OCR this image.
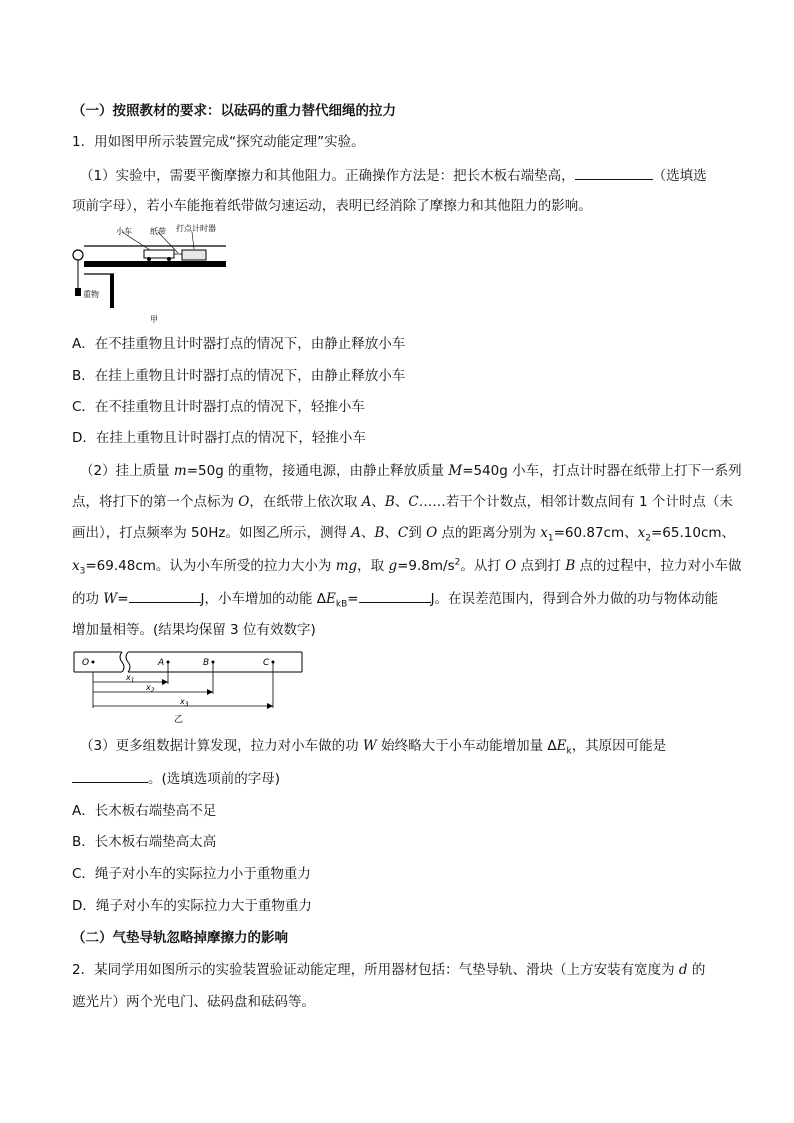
（一）按照教材的要求：以砝码的重力替代细绳的拉力
1．用如图甲所示装置完成“探究动能定理”实验。
（1）实验中，需要平衡摩擦力和其他阻力。正确操作方法是：把长木板右端垫高，	（选填选
项前字母），若小车能拖着纸带做匀速运动，表明已经消除了摩擦力和其他阻力的影响。
小车 纸带 打点计时器
重物
甲
A．在不挂重物且计时器打点的情况下，由静止释放小车
B．在挂上重物且计时器打点的情况下，由静止释放小车
C．在不挂重物且计时器打点的情况下，轻推小车
D．在挂上重物且计时器打点的情况下，轻推小车
（2）挂上质量 m=50g 的重物，接通电源，由静止释放质量 M=540g 小车，打点计时器在纸带上打下一系列
点，将打下的第一个点标为 O，在纸带上依次取 A、B、C……若干个计数点，相邻计数点间有 1 个计时点（未
画出），打点频率为 50Hz。如图乙所示，测得 A、B、C到 O 点的距离分别为 $x_1=60.87cm$、$x_2=65.10cm$、
$x_3=69.48cm$。认为小车所受的拉力大小为 mg，取 $g=9.8m/s^2$。从打 O 点到打 B 点的过程中，拉力对小车做
的功 W=	J，小车增加的动能 $\Delta E_{kB}=$	J。在误差范围内，得到合外力做的功与物体动能
增加量相等。(结果均保留 3 位有效数字)
O	A	B	C
$x_1$
$x_2$
$x_3$
乙
（3）更多组数据计算发现，拉力对小车做的功 W 始终略大于小车动能增加量 $\Delta E_k$，其原因可能是
。(选填选项前的字母)
A．长木板右端垫高不足
B．长木板右端垫高太高
C．绳子对小车的实际拉力小于重物重力
D．绳子对小车的实际拉力大于重物重力
（二）气垫导轨忽略掉摩擦力的影响
2．某同学用如图所示的实验装置验证动能定理，所用器材包括：气垫导轨、滑块（上方安装有宽度为 d 的
遮光片）两个光电门、砝码盘和砝码等。
